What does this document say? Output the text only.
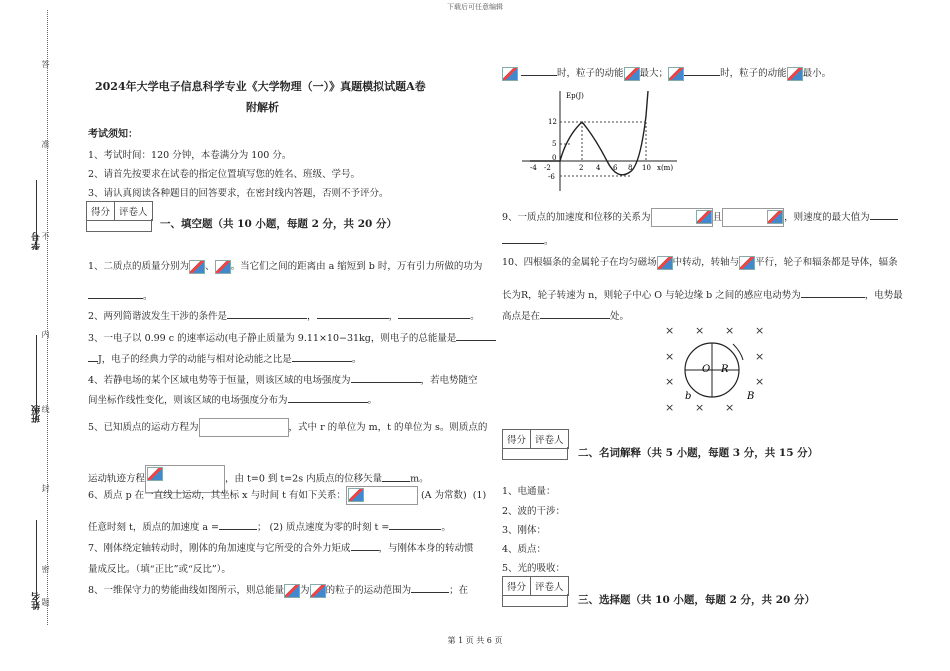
下载后可任意编辑
第 1 页 共 6 页
答
准
不
内
线
封
密
题
学号
班级
姓名
2024年大学电子信息科学专业《大学物理（一）》真题模拟试题A卷
附解析
考试须知：
1、考试时间：120 分钟，本卷满分为 100 分。
2、请首先按要求在试卷的指定位置填写您的姓名、班级、学号。
3、请认真阅读各种题目的回答要求，在密封线内答题，否则不予评分。
得分 评卷人
一、填空题（共 10 小题，每题 2 分，共 20 分）
1、二质点的质量分别为 、 。当它们之间的距离由 a 缩短到 b 时，万有引力所做的功为
。
2、两列简谐波发生干涉的条件是	，	，	。
3、一电子以 0.99 c 的速率运动(电子静止质量为 9.11×10−31kg，则电子的总能量是
J，电子的经典力学的动能与相对论动能之比是	。
4、若静电场的某个区域电势等于恒量，则该区域的电场强度为	，若电势随空
间坐标作线性变化，则该区域的电场强度分布为	。
5、已知质点的运动方程为	，式中 r 的单位为 m，t 的单位为 s。则质点的
运动轨迹方程	，由 t=0 到 t=2s 内质点的位移矢量	m。
6、质点 p 在一直线上运动，其坐标 x 与时间 t 有如下关系：	(A 为常数) (1)
任意时刻 t，质点的加速度 a =	； (2) 质点速度为零的时刻 t =	。
7、刚体绕定轴转动时，刚体的角加速度与它所受的合外力矩成	，与刚体本身的转动惯
量成反比。（填“正比”或“反比”）。
8、一维保守力的势能曲线如图所示，则总能量 为 的粒子的运动范围为	；在
时，粒子的动能 最大；	时，粒子的动能 最小。
Ep(J)
x(m)
12
5
0
-6
-4 -2	2 4 6 8 10
9、一质点的加速度和位移的关系为	且	，则速度的最大值为
。
10、四根辐条的金属轮子在均匀磁场 中转动，转轴与 平行，轮子和辐条都是导体，辐条
长为R，轮子转速为 n，则轮子中心 O 与轮边缘 b 之间的感应电动势为	，电势最
高点是在	处。
× × × ×
×	×
×	×
× × ×
O R
b	B
得分 评卷人
二、名词解释（共 5 小题，每题 3 分，共 15 分）
1、电通量：
2、波的干涉：
3、刚体：
4、质点：
5、光的吸收：
得分 评卷人
三、选择题（共 10 小题，每题 2 分，共 20 分）
